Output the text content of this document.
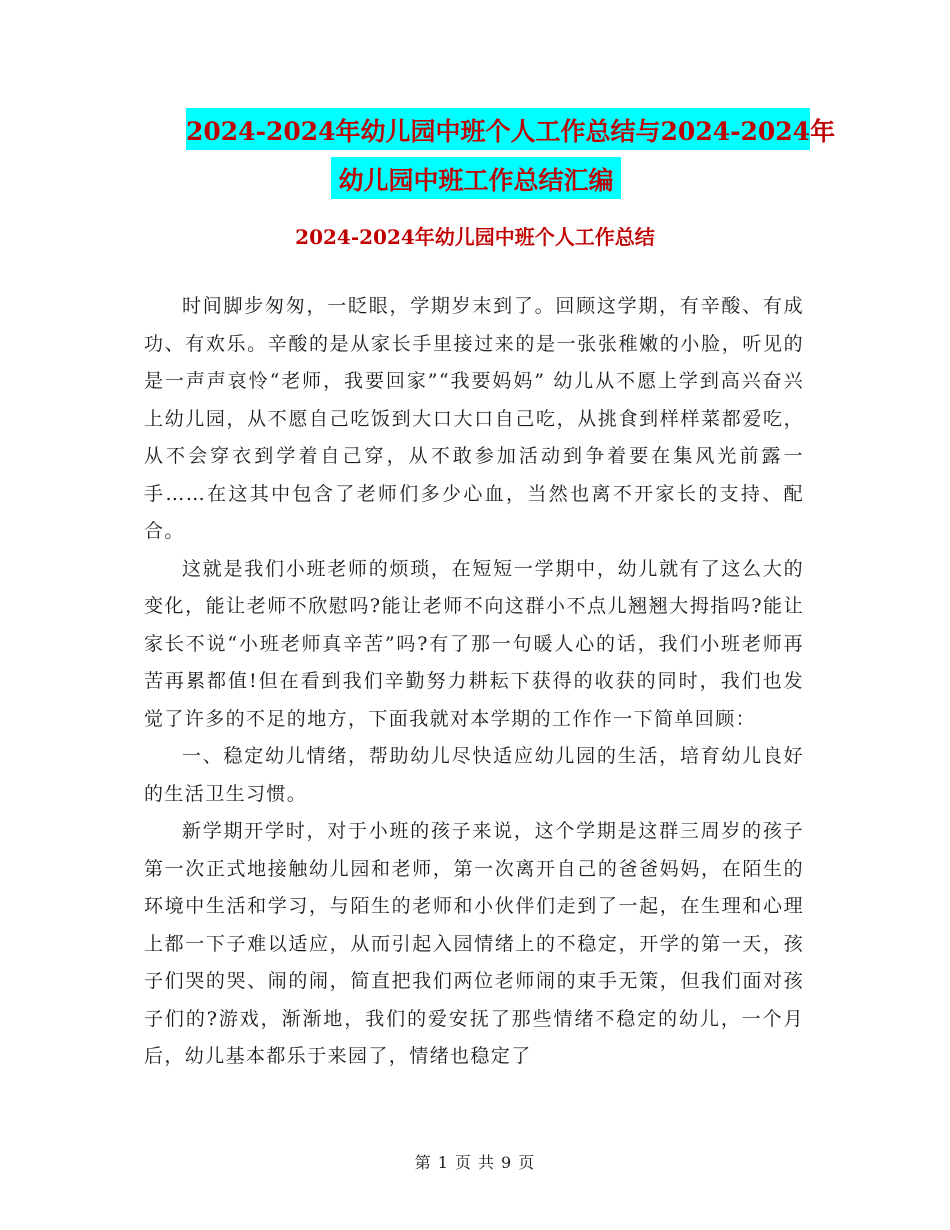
2024-2024年幼儿园中班个人工作总结与2024-2024年
幼儿园中班工作总结汇编
2024-2024年幼儿园中班个人工作总结

时间脚步匆匆，一眨眼，学期岁末到了。回顾这学期，有辛酸、有成功、有欢乐。辛酸的是从家长手里接过来的是一张张稚嫩的小脸，听见的是一声声哀怜“老师，我要回家”“我要妈妈” 幼儿从不愿上学到高兴奋兴上幼儿园，从不愿自己吃饭到大口大口自己吃，从挑食到样样菜都爱吃，从不会穿衣到学着自己穿，从不敢参加活动到争着要在集风光前露一手……在这其中包含了老师们多少心血，当然也离不开家长的支持、配合。

这就是我们小班老师的烦琐，在短短一学期中，幼儿就有了这么大的变化，能让老师不欣慰吗?能让老师不向这群小不点儿翘翘大拇指吗?能让家长不说“小班老师真辛苦”吗?有了那一句暖人心的话，我们小班老师再苦再累都值!但在看到我们辛勤努力耕耘下获得的收获的同时，我们也发觉了许多的不足的地方，下面我就对本学期的工作作一下简单回顾：

一、稳定幼儿情绪，帮助幼儿尽快适应幼儿园的生活，培育幼儿良好的生活卫生习惯。

新学期开学时，对于小班的孩子来说，这个学期是这群三周岁的孩子第一次正式地接触幼儿园和老师，第一次离开自己的爸爸妈妈，在陌生的环境中生活和学习，与陌生的老师和小伙伴们走到了一起，在生理和心理上都一下子难以适应，从而引起入园情绪上的不稳定，开学的第一天，孩子们哭的哭、闹的闹，简直把我们两位老师闹的束手无策，但我们面对孩子们的?游戏，渐渐地，我们的爱安抚了那些情绪不稳定的幼儿，一个月后，幼儿基本都乐于来园了，情绪也稳定了

第 1 页 共 9 页
